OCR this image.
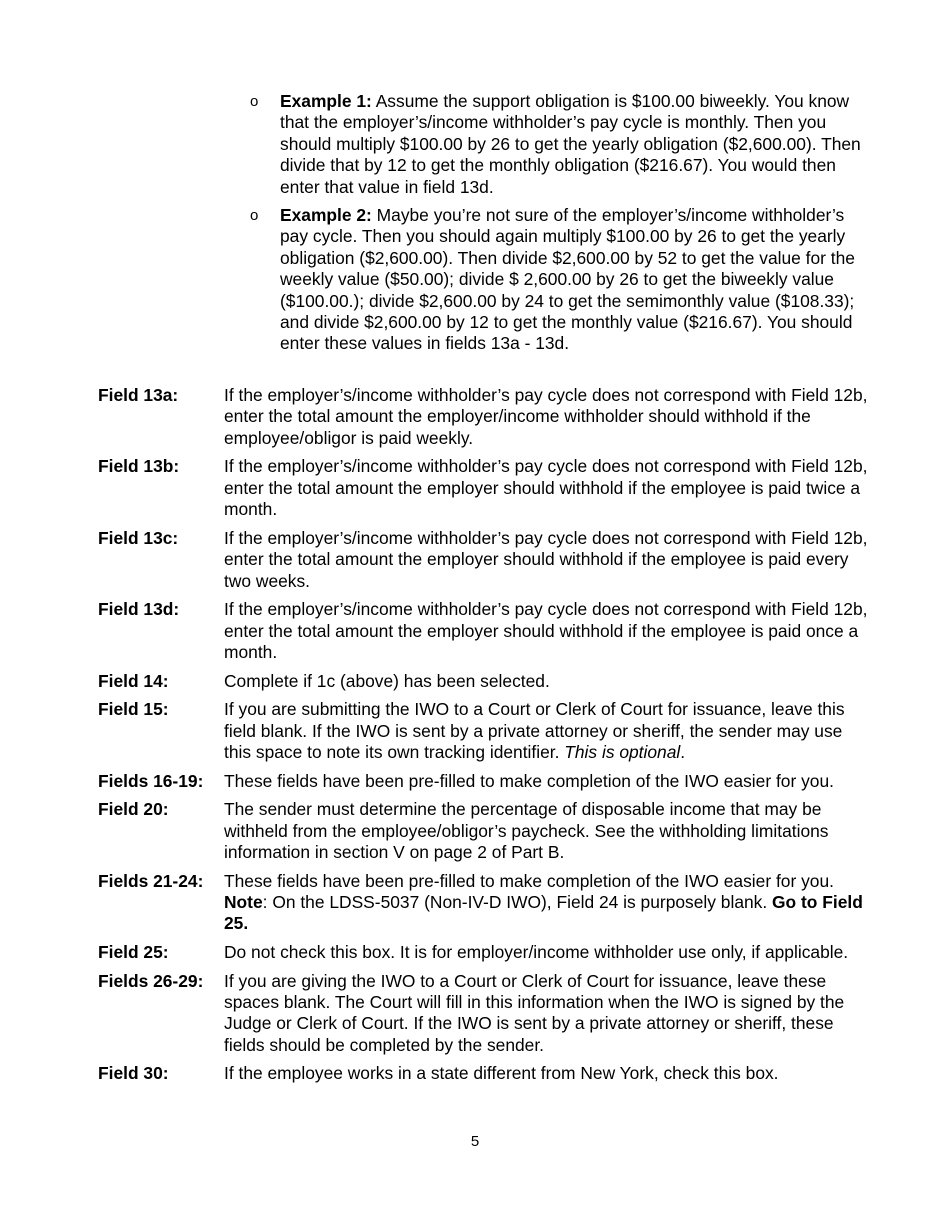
o Example 1: Assume the support obligation is $100.00 biweekly. You know that the employer’s/income withholder’s pay cycle is monthly. Then you should multiply $100.00 by 26 to get the yearly obligation ($2,600.00). Then divide that by 12 to get the monthly obligation ($216.67). You would then enter that value in field 13d.
o Example 2: Maybe you’re not sure of the employer’s/income withholder’s pay cycle. Then you should again multiply $100.00 by 26 to get the yearly obligation ($2,600.00). Then divide $2,600.00 by 52 to get the value for the weekly value ($50.00); divide $ 2,600.00 by 26 to get the biweekly value ($100.00.); divide $2,600.00 by 24 to get the semimonthly value ($108.33); and divide $2,600.00 by 12 to get the monthly value ($216.67). You should enter these values in fields 13a - 13d.
Field 13a:	If the employer’s/income withholder’s pay cycle does not correspond with Field 12b, enter the total amount the employer/income withholder should withhold if the employee/obligor is paid weekly.
Field 13b:	If the employer’s/income withholder’s pay cycle does not correspond with Field 12b, enter the total amount the employer should withhold if the employee is paid twice a month.
Field 13c:	If the employer’s/income withholder’s pay cycle does not correspond with Field 12b, enter the total amount the employer should withhold if the employee is paid every two weeks.
Field 13d:	If the employer’s/income withholder’s pay cycle does not correspond with Field 12b, enter the total amount the employer should withhold if the employee is paid once a month.
Field 14:	Complete if 1c (above) has been selected.
Field 15:	If you are submitting the IWO to a Court or Clerk of Court for issuance, leave this field blank. If the IWO is sent by a private attorney or sheriff, the sender may use this space to note its own tracking identifier. This is optional.
Fields 16-19:	These fields have been pre-filled to make completion of the IWO easier for you.
Field 20:	The sender must determine the percentage of disposable income that may be withheld from the employee/obligor’s paycheck. See the withholding limitations information in section V on page 2 of Part B.
Fields 21-24:	These fields have been pre-filled to make completion of the IWO easier for you. Note: On the LDSS-5037 (Non-IV-D IWO), Field 24 is purposely blank. Go to Field 25.
Field 25:	Do not check this box. It is for employer/income withholder use only, if applicable.
Fields 26-29:	If you are giving the IWO to a Court or Clerk of Court for issuance, leave these spaces blank. The Court will fill in this information when the IWO is signed by the Judge or Clerk of Court. If the IWO is sent by a private attorney or sheriff, these fields should be completed by the sender.
Field 30:	If the employee works in a state different from New York, check this box.
5
